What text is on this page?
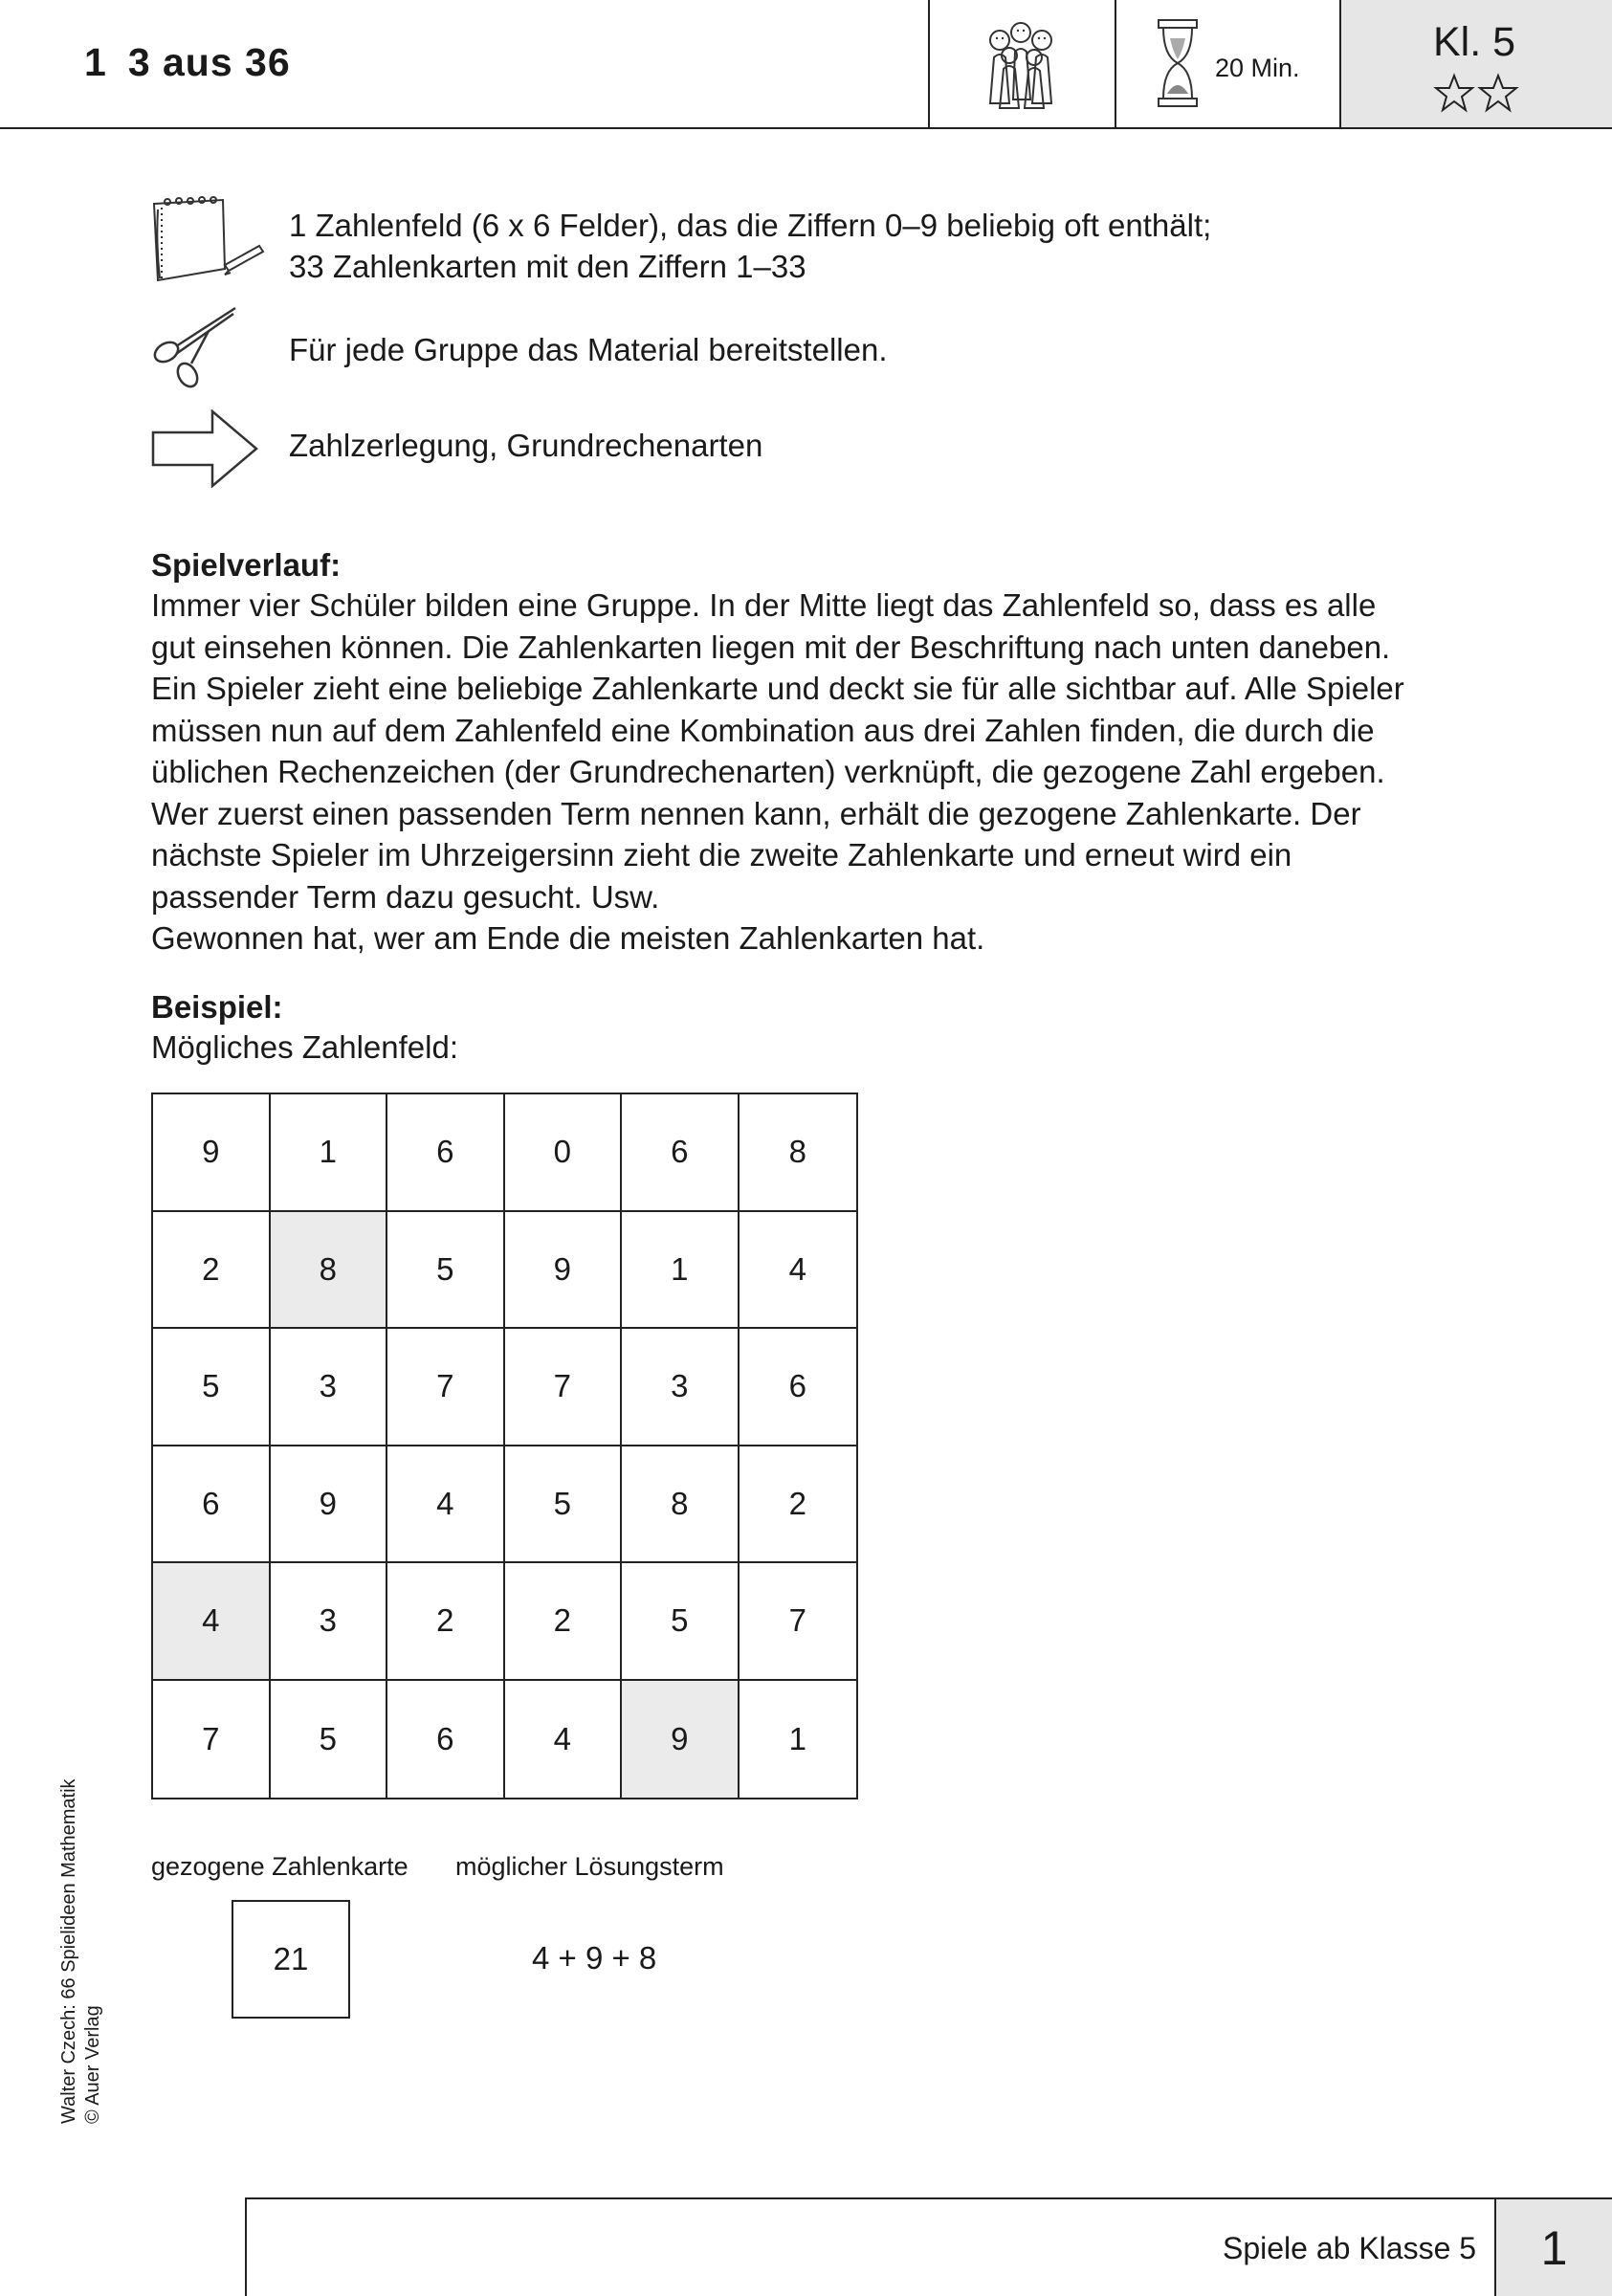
1 3 aus 36	20 Min.
Kl. 5
1 Zahlenfeld (6 x 6 Felder), das die Ziffern 0–9 beliebig oft enthält;
33 Zahlenkarten mit den Ziffern 1–33
Für jede Gruppe das Material bereitstellen.
Zahlzerlegung, Grundrechenarten
Spielverlauf:

Immer vier Schüler bilden eine Gruppe. In der Mitte liegt das Zahlenfeld so, dass es alle

gut einsehen können. Die Zahlenkarten liegen mit der Beschriftung nach unten daneben.

Ein Spieler zieht eine beliebige Zahlenkarte und deckt sie für alle sichtbar auf. Alle Spieler

müssen nun auf dem Zahlenfeld eine Kombination aus drei Zahlen finden, die durch die

üblichen Rechenzeichen (der Grundrechenarten) verknüpft, die gezogene Zahl ergeben.

Wer zuerst einen passenden Term nennen kann, erhält die gezogene Zahlenkarte. Der

nächste Spieler im Uhrzeigersinn zieht die zweite Zahlenkarte und erneut wird ein

passender Term dazu gesucht. Usw.

Gewonnen hat, wer am Ende die meisten Zahlenkarten hat.

Beispiel:
Mögliches Zahlenfeld:
9	1	6	0	6	8
2	8	5	9	1	4
5	3	7	7	3	6
6	9	4	5	8	2
4	3	2	2	5	7
7	5	6	4	9	1
gezogene Zahlenkarte möglicher Lösungsterm
21	4 + 9 + 8
Walter Czech: 66 Spielideen Mathematik © Auer Verlag
Spiele ab Klasse 5	1
